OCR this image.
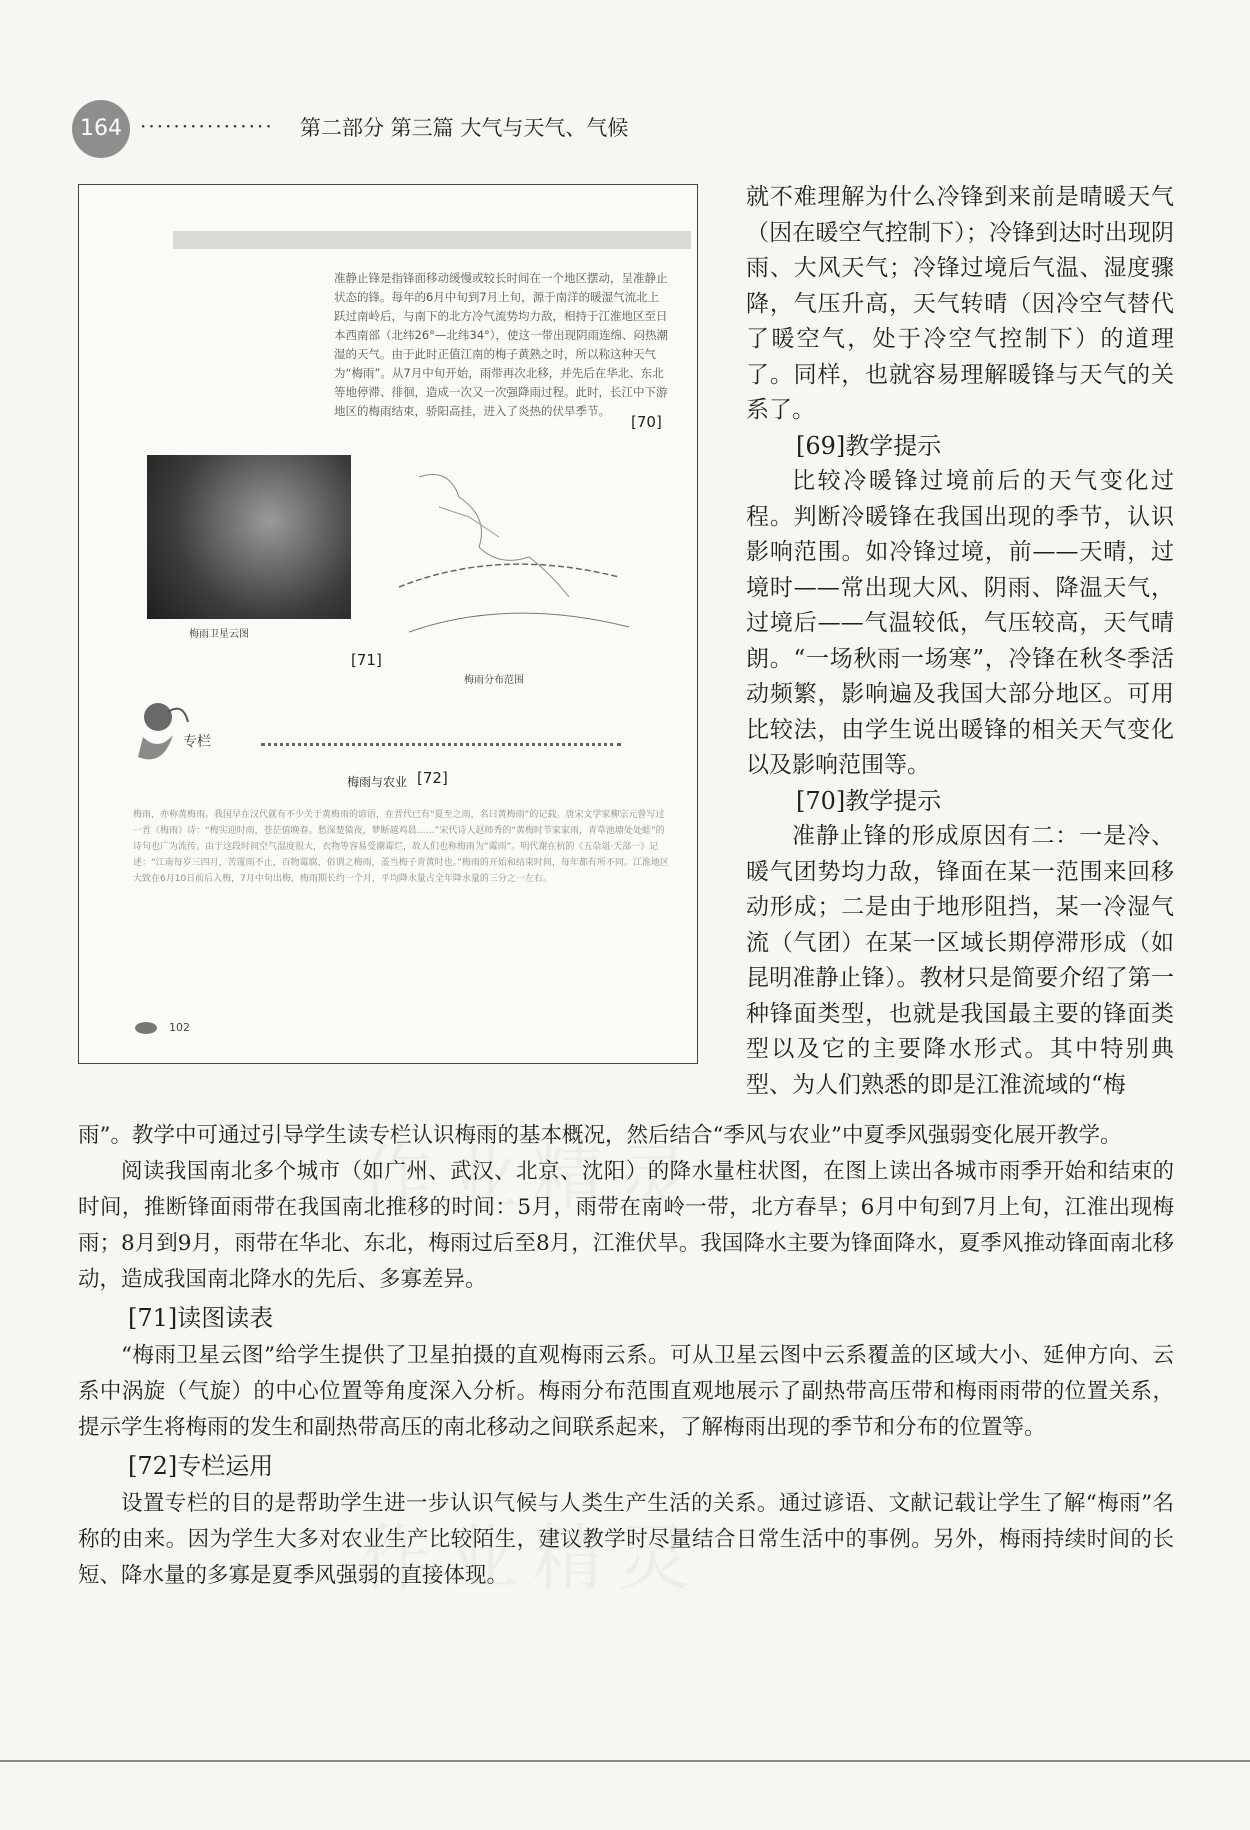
164 ················ 第二部分 第三篇 大气与天气、气候
准静止锋是指锋面移动缓慢或较长时间在一个地区摆动，呈准静止状态的锋。每年的6月中旬到7月上旬，源于南洋的暖湿气流北上跃过南岭后，与南下的北方冷气流势均力敌，相持于江淮地区至日本西南部（北纬26°—北纬34°），使这一带出现阴雨连绵、闷热潮湿的天气。由于此时正值江南的梅子黄熟之时，所以称这种天气为“梅雨”。从7月中旬开始，雨带再次北移，并先后在华北、东北等地停滞、徘徊，造成一次又一次强降雨过程。此时，长江中下游地区的梅雨结束，骄阳高挂，进入了炎热的伏旱季节。
[70]
梅雨卫星云图
梅雨分布范围
[71]
专栏
梅雨与农业 [72]
梅雨，亦称黄梅雨。我国早在汉代就有不少关于黄梅雨的谚语，在晋代已有“夏至之雨，名曰黄梅雨”的记载。唐宋文学家柳宗元曾写过一首《梅雨》诗：“梅实迎时雨，苍茫值晚春。愁深楚猿夜，梦断越鸡晨……”宋代诗人赵师秀的“黄梅时节家家雨，青草池塘处处蛙”的诗句也广为流传。由于这段时间空气湿度很大，衣物等容易受潮霉烂，故人们也称梅雨为“霉雨”。明代谢在杭的《五杂俎·天部一》记述：“江南每岁三四月，苦霪雨不止，百物霉腐，俗谓之梅雨，盖当梅子青黄时也。”梅雨的开始和结束时间，每年都有所不同。江淮地区大致在6月10日前后入梅，7月中旬出梅，梅雨期长约一个月，平均降水量占全年降水量的三分之一左右。
102

就不难理解为什么冷锋到来前是晴暖天气（因在暖空气控制下）；冷锋到达时出现阴雨、大风天气；冷锋过境后气温、湿度骤降，气压升高，天气转晴（因冷空气替代了暖空气，处于冷空气控制下）的道理了。同样，也就容易理解暖锋与天气的关系了。

[69]教学提示

比较冷暖锋过境前后的天气变化过程。判断冷暖锋在我国出现的季节，认识影响范围。如冷锋过境，前——天晴，过境时——常出现大风、阴雨、降温天气，过境后——气温较低，气压较高，天气晴朗。“一场秋雨一场寒”，冷锋在秋冬季活动频繁，影响遍及我国大部分地区。可用比较法，由学生说出暖锋的相关天气变化以及影响范围等。

[70]教学提示

准静止锋的形成原因有二：一是冷、暖气团势均力敌，锋面在某一范围来回移动形成；二是由于地形阻挡，某一冷湿气流（气团）在某一区域长期停滞形成（如昆明准静止锋）。教材只是简要介绍了第一种锋面类型，也就是我国最主要的锋面类型以及它的主要降水形式。其中特别典型、为人们熟悉的即是江淮流域的“梅

雨”。教学中可通过引导学生读专栏认识梅雨的基本概况，然后结合“季风与农业”中夏季风强弱变化展开教学。

阅读我国南北多个城市（如广州、武汉、北京、沈阳）的降水量柱状图，在图上读出各城市雨季开始和结束的时间，推断锋面雨带在我国南北推移的时间：5月，雨带在南岭一带，北方春旱；6月中旬到7月上旬，江淮出现梅雨；8月到9月，雨带在华北、东北，梅雨过后至8月，江淮伏旱。我国降水主要为锋面降水，夏季风推动锋面南北移动，造成我国南北降水的先后、多寡差异。

[71]读图读表

“梅雨卫星云图”给学生提供了卫星拍摄的直观梅雨云系。可从卫星云图中云系覆盖的区域大小、延伸方向、云系中涡旋（气旋）的中心位置等角度深入分析。梅雨分布范围直观地展示了副热带高压带和梅雨雨带的位置关系，提示学生将梅雨的发生和副热带高压的南北移动之间联系起来，了解梅雨出现的季节和分布的位置等。

[72]专栏运用

设置专栏的目的是帮助学生进一步认识气候与人类生产生活的关系。通过谚语、文献记载让学生了解“梅雨”名称的由来。因为学生大多对农业生产比较陌生，建议教学时尽量结合日常生活中的事例。另外，梅雨持续时间的长短、降水量的多寡是夏季风强弱的直接体现。
